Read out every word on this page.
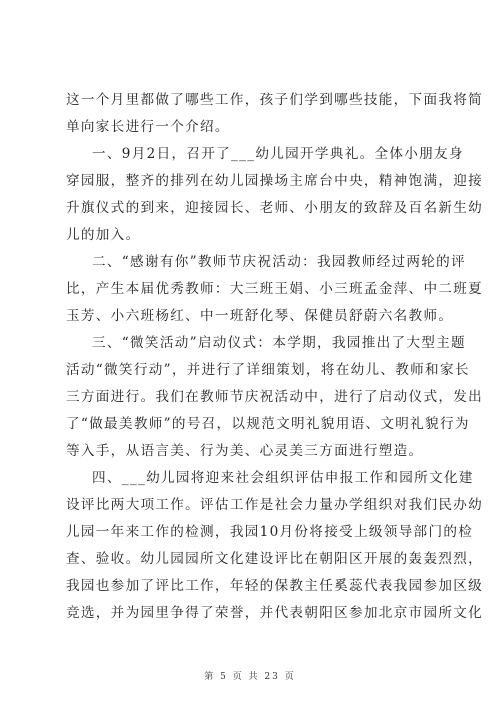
这一个月里都做了哪些工作，孩子们学到哪些技能，下面我将简
单向家长进行一个介绍。
一、9月2日，召开了___幼儿园开学典礼。全体小朋友身
穿园服，整齐的排列在幼儿园操场主席台中央，精神饱满，迎接
升旗仪式的到来，迎接园长、老师、小朋友的致辞及百名新生幼
儿的加入。
二、“感谢有你”教师节庆祝活动：我园教师经过两轮的评
比，产生本届优秀教师：大三班王娟、小三班孟金萍、中二班夏
玉芳、小六班杨红、中一班舒化琴、保健员舒蔚六名教师。
三、“微笑活动”启动仪式：本学期，我园推出了大型主题
活动“微笑行动”，并进行了详细策划，将在幼儿、教师和家长
三方面进行。我们在教师节庆祝活动中，进行了启动仪式，发出
了“做最美教师”的号召，以规范文明礼貌用语、文明礼貌行为
等入手，从语言美、行为美、心灵美三方面进行塑造。
四、___幼儿园将迎来社会组织评估申报工作和园所文化建
设评比两大项工作。评估工作是社会力量办学组织对我们民办幼
儿园一年来工作的检测，我园10月份将接受上级领导部门的检
查、验收。幼儿园园所文化建设评比在朝阳区开展的轰轰烈烈，
我园也参加了评比工作，年轻的保教主任奚蕊代表我园参加区级
竞选，并为园里争得了荣誉，并代表朝阳区参加北京市园所文化
第 5 页 共 23 页
